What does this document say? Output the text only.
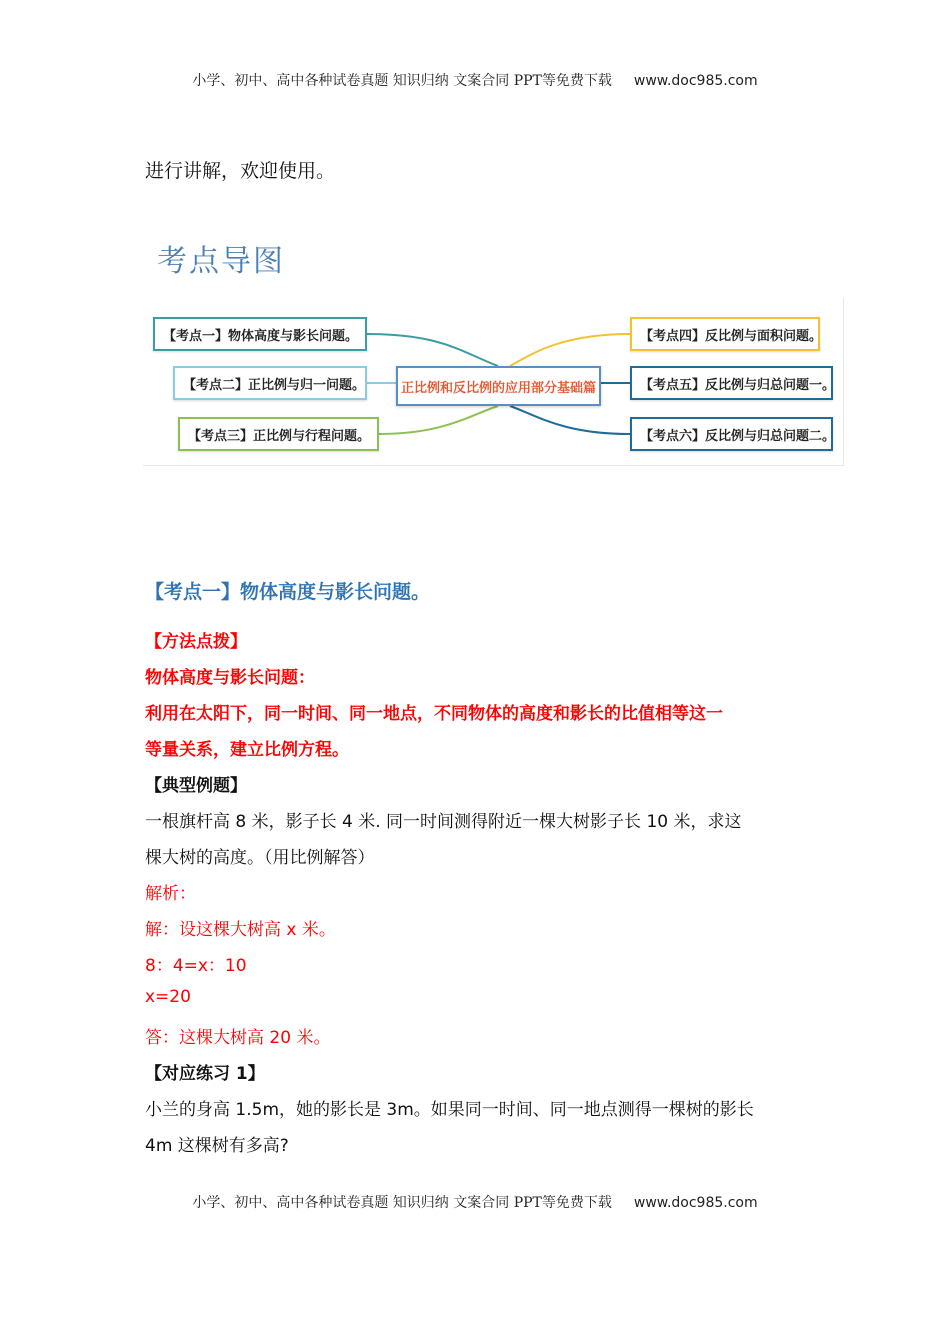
小学、初中、高中各种试卷真题 知识归纳 文案合同 PPT等免费下载 www.doc985.com
进行讲解，欢迎使用。
考点导图
【考点一】物体高度与影长问题。
【考点二】正比例与归一问题。
【考点三】正比例与行程问题。
正比例和反比例的应用部分基础篇
【考点四】反比例与面积问题。
【考点五】反比例与归总问题一。
【考点六】反比例与归总问题二。
【考点一】物体高度与影长问题。
【方法点拨】
物体高度与影长问题：
利用在太阳下，同一时间、同一地点，不同物体的高度和影长的比值相等这一
等量关系，建立比例方程。
【典型例题】
一根旗杆高 8 米，影子长 4 米. 同一时间测得附近一棵大树影子长 10 米，求这
棵大树的高度。（用比例解答）
解析：
解：设这棵大树高 x 米。
8：4=x：10
x=20
答：这棵大树高 20 米。
【对应练习 1】
小兰的身高 1.5m，她的影长是 3m。如果同一时间、同一地点测得一棵树的影长
4m 这棵树有多高?
小学、初中、高中各种试卷真题 知识归纳 文案合同 PPT等免费下载 www.doc985.com
